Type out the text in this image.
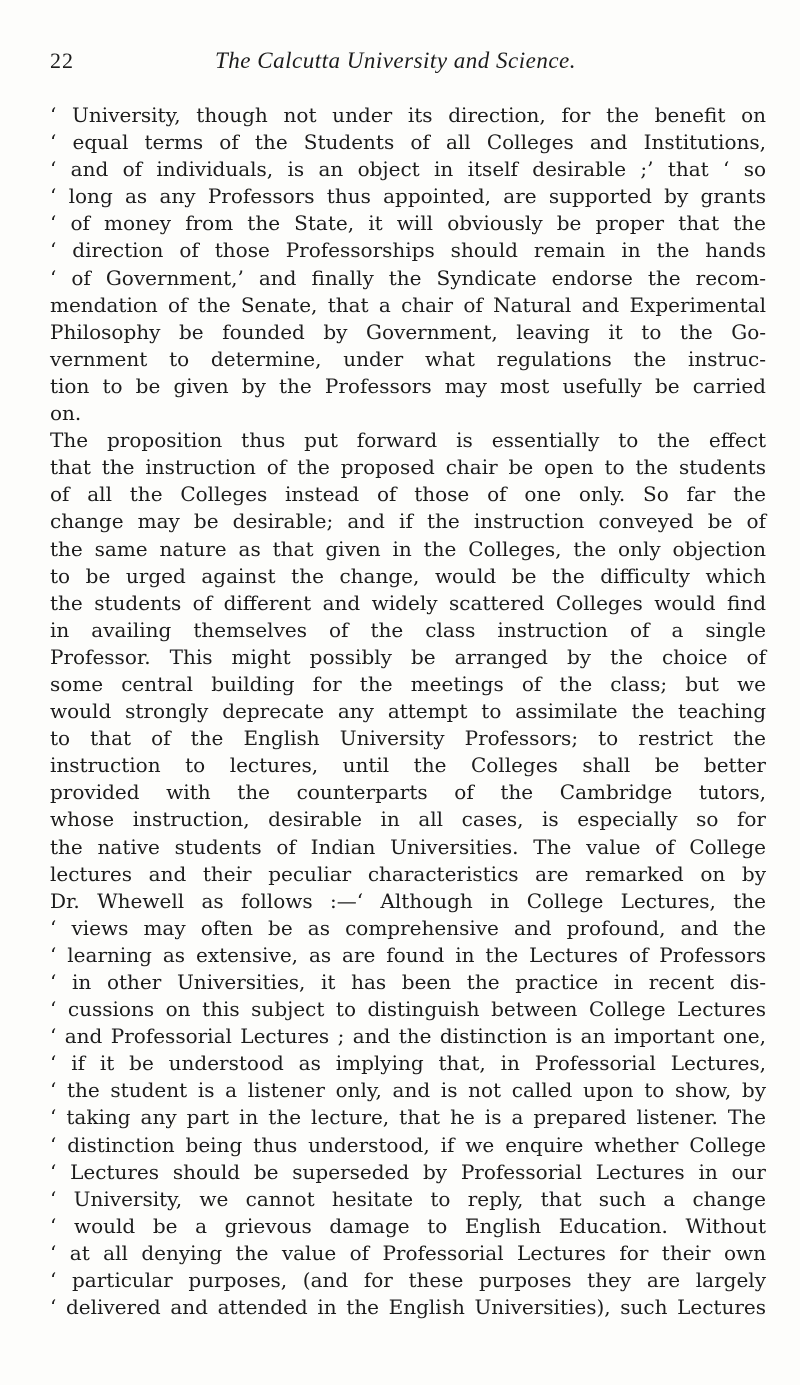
22	The Calcutta University and Science.
‘ University, though not under its direction, for the benefit on
‘ equal terms of the Students of all Colleges and Institutions,
‘ and of individuals, is an object in itself desirable ;’ that ‘ so
‘ long as any Professors thus appointed, are supported by grants
‘ of money from the State, it will obviously be proper that the
‘ direction of those Professorships should remain in the hands
‘ of Government,’ and finally the Syndicate endorse the recom-
mendation of the Senate, that a chair of Natural and Experimental
Philosophy be founded by Government, leaving it to the Go-
vernment to determine, under what regulations the instruc-
tion to be given by the Professors may most usefully be carried
on.
The proposition thus put forward is essentially to the effect
that the instruction of the proposed chair be open to the students
of all the Colleges instead of those of one only. So far the
change may be desirable; and if the instruction conveyed be of
the same nature as that given in the Colleges, the only objection
to be urged against the change, would be the difficulty which
the students of different and widely scattered Colleges would find
in availing themselves of the class instruction of a single
Professor. This might possibly be arranged by the choice of
some central building for the meetings of the class; but we
would strongly deprecate any attempt to assimilate the teaching
to that of the English University Professors; to restrict the
instruction to lectures, until the Colleges shall be better
provided with the counterparts of the Cambridge tutors,
whose instruction, desirable in all cases, is especially so for
the native students of Indian Universities. The value of College
lectures and their peculiar characteristics are remarked on by
Dr. Whewell as follows :—‘ Although in College Lectures, the
‘ views may often be as comprehensive and profound, and the
‘ learning as extensive, as are found in the Lectures of Professors
‘ in other Universities, it has been the practice in recent dis-
‘ cussions on this subject to distinguish between College Lectures
‘ and Professorial Lectures ; and the distinction is an important one,
‘ if it be understood as implying that, in Professorial Lectures,
‘ the student is a listener only, and is not called upon to show, by
‘ taking any part in the lecture, that he is a prepared listener. The
‘ distinction being thus understood, if we enquire whether College
‘ Lectures should be superseded by Professorial Lectures in our
‘ University, we cannot hesitate to reply, that such a change
‘ would be a grievous damage to English Education. Without
‘ at all denying the value of Professorial Lectures for their own
‘ particular purposes, (and for these purposes they are largely
‘ delivered and attended in the English Universities), such Lectures
